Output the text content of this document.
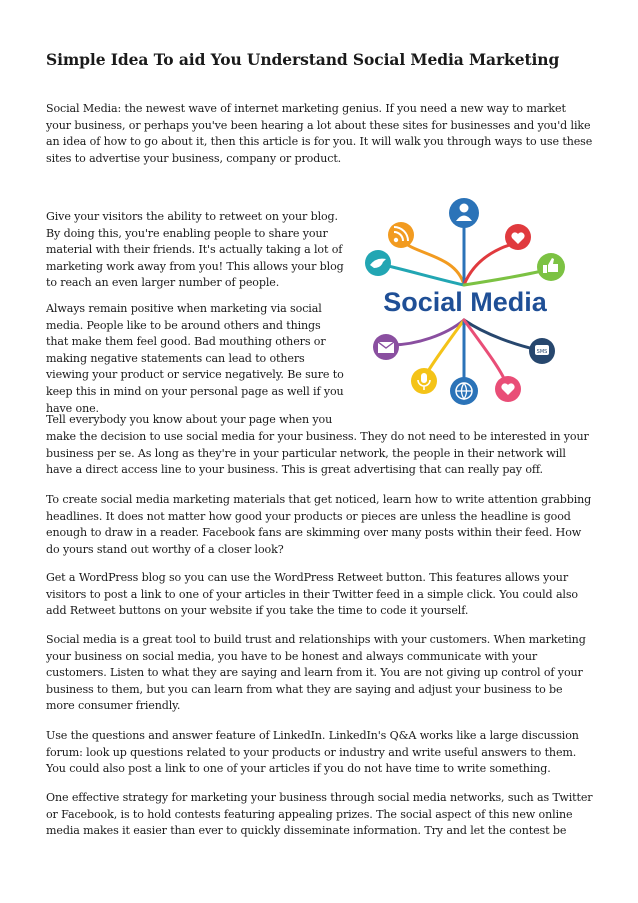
Simple Idea To aid You Understand Social Media Marketing

Social Media: the newest wave of internet marketing genius. If you need a new way to market your business, or perhaps you've been hearing a lot about these sites for businesses and you'd like an idea of how to go about it, then this article is for you. It will walk you through ways to use these sites to advertise your business, company or product.

Give your visitors the ability to retweet on your blog. By doing this, you're enabling people to share your material with their friends. It's actually taking a lot of marketing work away from you! This allows your blog to reach an even larger number of people.

Always remain positive when marketing via social media. People like to be around others and things that make them feel good. Bad mouthing others or making negative statements can lead to others viewing your product or service negatively. Be sure to keep this in mind on your personal page as well if you have one.

Tell everybody you know about your page when you

make the decision to use social media for your business. They do not need to be interested in your business per se. As long as they're in your particular network, the people in their network will have a direct access line to your business. This is great advertising that can really pay off.

To create social media marketing materials that get noticed, learn how to write attention grabbing headlines. It does not matter how good your products or pieces are unless the headline is good enough to draw in a reader. Facebook fans are skimming over many posts within their feed. How do yours stand out worthy of a closer look?

Get a WordPress blog so you can use the WordPress Retweet button. This features allows your visitors to post a link to one of your articles in their Twitter feed in a simple click. You could also add Retweet buttons on your website if you take the time to code it yourself.

Social media is a great tool to build trust and relationships with your customers. When marketing your business on social media, you have to be honest and always communicate with your customers. Listen to what they are saying and learn from it. You are not giving up control of your business to them, but you can learn from what they are saying and adjust your business to be more consumer friendly.

Use the questions and answer feature of LinkedIn. LinkedIn's Q&A works like a large discussion forum: look up questions related to your products or industry and write useful answers to them. You could also post a link to one of your articles if you do not have time to write something.

One effective strategy for marketing your business through social media networks, such as Twitter or Facebook, is to hold contests featuring appealing prizes. The social aspect of this new online media makes it easier than ever to quickly disseminate information. Try and let the contest be

Social Media
SMS
